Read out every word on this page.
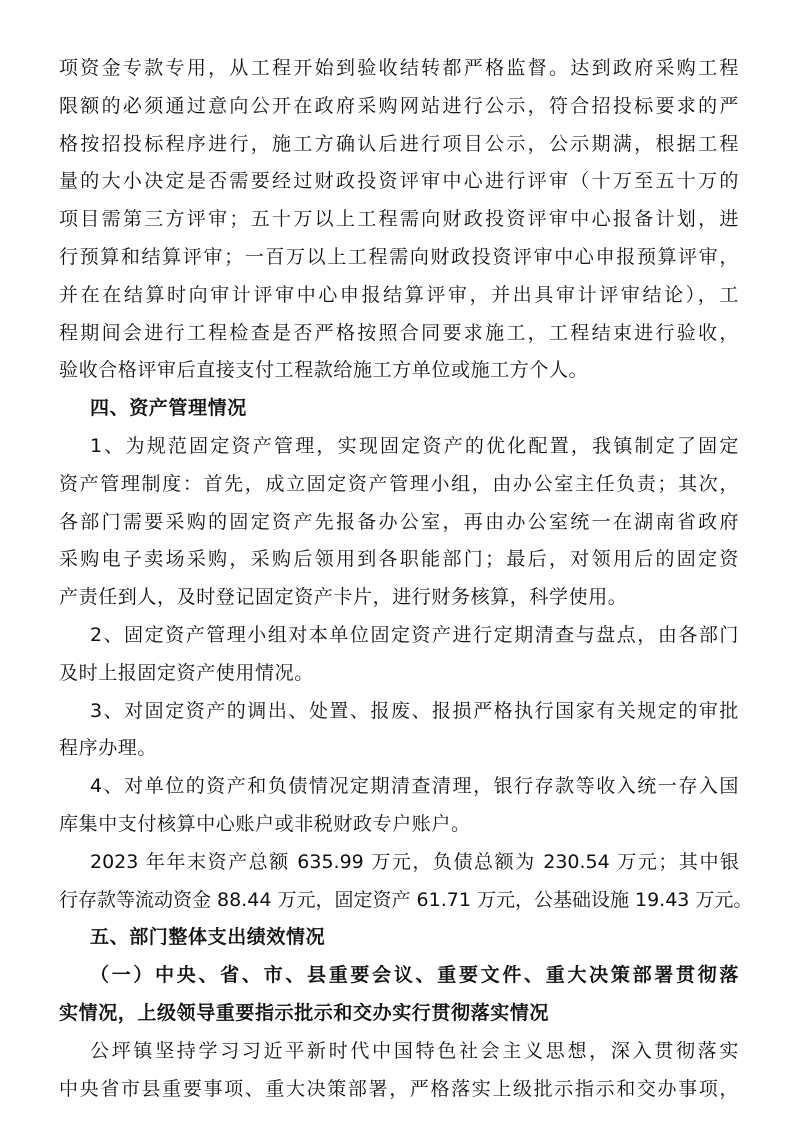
项资金专款专用，从工程开始到验收结转都严格监督。达到政府采购工程
限额的必须通过意向公开在政府采购网站进行公示，符合招投标要求的严
格按招投标程序进行，施工方确认后进行项目公示，公示期满，根据工程
量的大小决定是否需要经过财政投资评审中心进行评审（十万至五十万的
项目需第三方评审；五十万以上工程需向财政投资评审中心报备计划，进
行预算和结算评审；一百万以上工程需向财政投资评审中心申报预算评审，
并在在结算时向审计评审中心申报结算评审，并出具审计评审结论），工
程期间会进行工程检查是否严格按照合同要求施工，工程结束进行验收，
验收合格评审后直接支付工程款给施工方单位或施工方个人。
四、资产管理情况
1、为规范固定资产管理，实现固定资产的优化配置，我镇制定了固定
资产管理制度：首先，成立固定资产管理小组，由办公室主任负责；其次，
各部门需要采购的固定资产先报备办公室，再由办公室统一在湖南省政府
采购电子卖场采购，采购后领用到各职能部门；最后，对领用后的固定资
产责任到人，及时登记固定资产卡片，进行财务核算，科学使用。
2、固定资产管理小组对本单位固定资产进行定期清查与盘点，由各部门
及时上报固定资产使用情况。
3、对固定资产的调出、处置、报废、报损严格执行国家有关规定的审批
程序办理。
4、对单位的资产和负债情况定期清查清理，银行存款等收入统一存入国
库集中支付核算中心账户或非税财政专户账户。
2023 年年末资产总额 635.99 万元，负债总额为 230.54 万元；其中银
行存款等流动资金 88.44 万元，固定资产 61.71 万元，公基础设施 19.43 万元。
五、部门整体支出绩效情况
（一）中央、省、市、县重要会议、重要文件、重大决策部署贯彻落
实情况，上级领导重要指示批示和交办实行贯彻落实情况
公坪镇坚持学习习近平新时代中国特色社会主义思想，深入贯彻落实
中央省市县重要事项、重大决策部署，严格落实上级批示指示和交办事项，
